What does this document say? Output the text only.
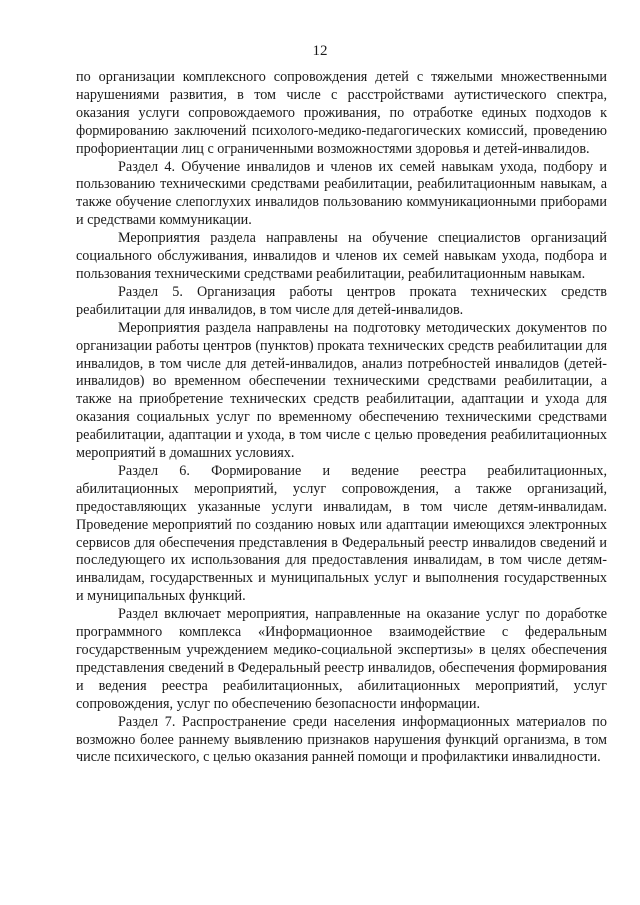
12

по организации комплексного сопровождения детей с тяжелыми множественными нарушениями развития, в том числе с расстройствами аутистического спектра, оказания услуги сопровождаемого проживания, по отработке единых подходов к формированию заключений психолого-медико-педагогических комиссий, проведению профориентации лиц с ограниченными возможностями здоровья и детей-инвалидов.

Раздел 4. Обучение инвалидов и членов их семей навыкам ухода, подбору и пользованию техническими средствами реабилитации, реабилитационным навыкам, а также обучение слепоглухих инвалидов пользованию коммуникационными приборами и средствами коммуникации.

Мероприятия раздела направлены на обучение специалистов организаций социального обслуживания, инвалидов и членов их семей навыкам ухода, подбора и пользования техническими средствами реабилитации, реабилитационным навыкам.

Раздел 5. Организация работы центров проката технических средств реабилитации для инвалидов, в том числе для детей-инвалидов.

Мероприятия раздела направлены на подготовку методических документов по организации работы центров (пунктов) проката технических средств реабилитации для инвалидов, в том числе для детей-инвалидов, анализ потребностей инвалидов (детей-инвалидов) во временном обеспечении техническими средствами реабилитации, а также на приобретение технических средств реабилитации, адаптации и ухода для оказания социальных услуг по временному обеспечению техническими средствами реабилитации, адаптации и ухода, в том числе с целью проведения реабилитационных мероприятий в домашних условиях.

Раздел 6. Формирование и ведение реестра реабилитационных, абилитационных мероприятий, услуг сопровождения, а также организаций, предоставляющих указанные услуги инвалидам, в том числе детям-инвалидам. Проведение мероприятий по созданию новых или адаптации имеющихся электронных сервисов для обеспечения представления в Федеральный реестр инвалидов сведений и последующего их использования для предоставления инвалидам, в том числе детям-инвалидам, государственных и муниципальных услуг и выполнения государственных и муниципальных функций.

Раздел включает мероприятия, направленные на оказание услуг по доработке программного комплекса «Информационное взаимодействие с федеральным государственным учреждением медико-социальной экспертизы» в целях обеспечения представления сведений в Федеральный реестр инвалидов, обеспечения формирования и ведения реестра реабилитационных, абилитационных мероприятий, услуг сопровождения, услуг по обеспечению безопасности информации.

Раздел 7. Распространение среди населения информационных материалов по возможно более раннему выявлению признаков нарушения функций организма, в том числе психического, с целью оказания ранней помощи и профилактики инвалидности.
